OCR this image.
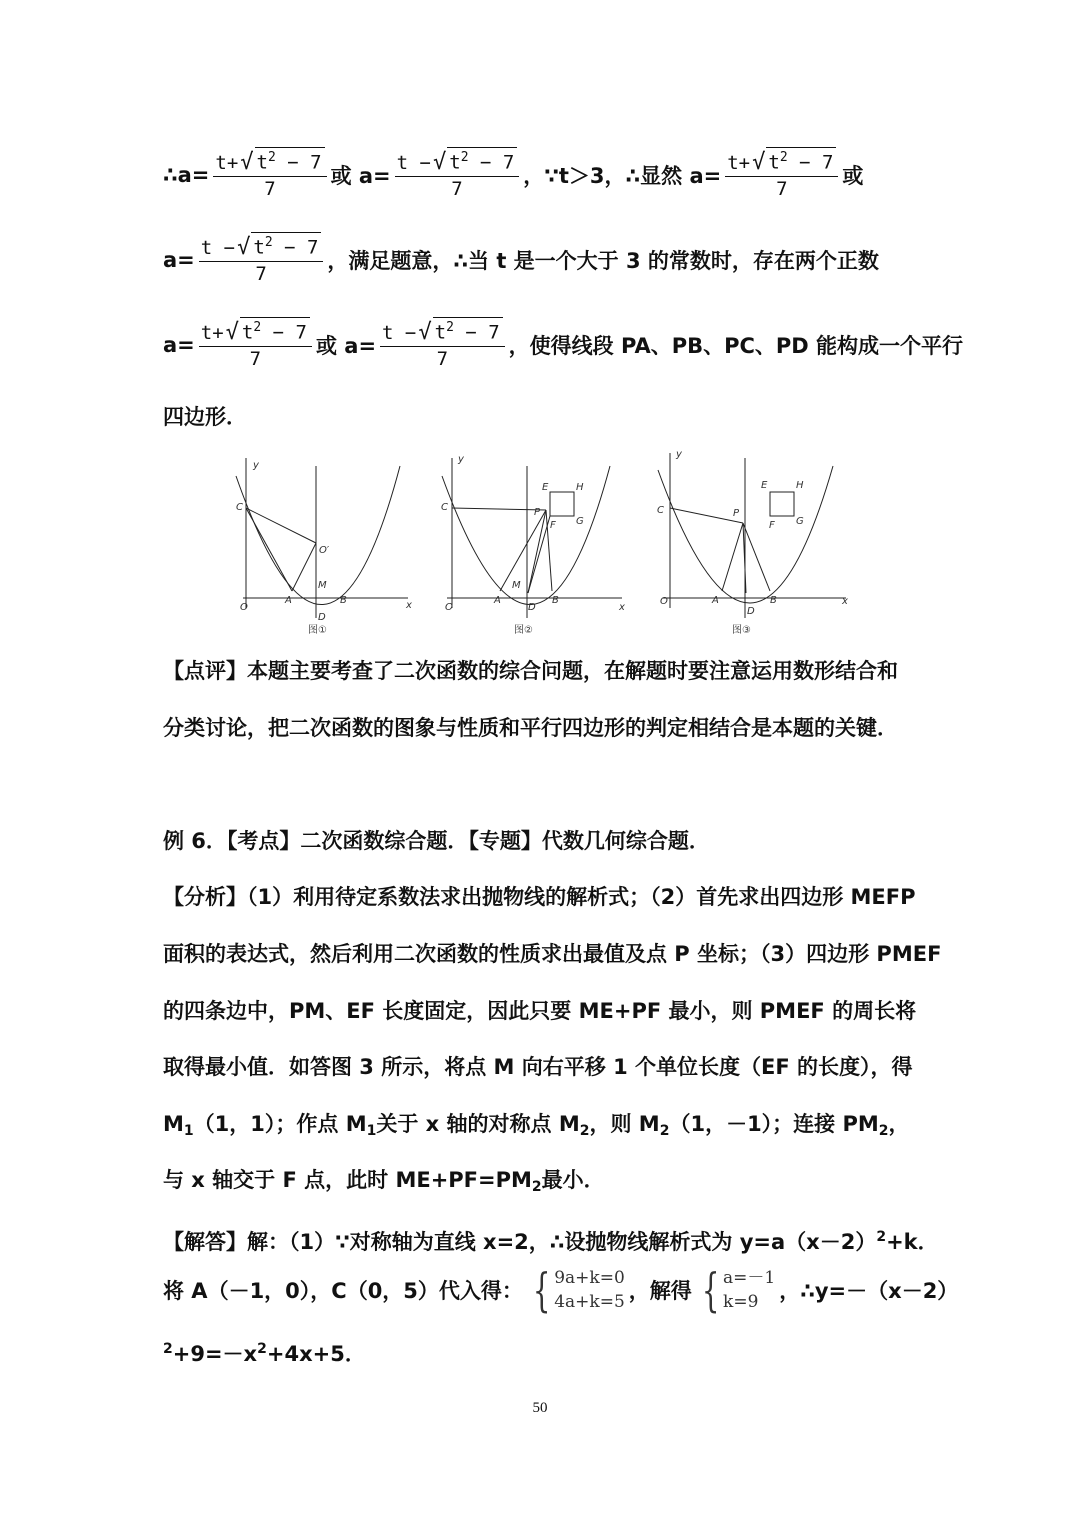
∴a= $\frac{t+ √ t^2 - 7}{7}$ 或 $a= \frac{t - √ t^2 - 7}{7}$ ，∵t＞3，∴显然 $a= \frac{t+ √ t^2 - 7}{7}$ 或
$a= \frac{t - √ t^2 - 7}{7}$ ，满足题意，∴当 t 是一个大于 3 的常数时，存在两个正数
$a= \frac{t+ √ t^2 - 7}{7}$ 或 $a= \frac{t - √ t^2 - 7}{7}$ ，使得线段 PA、PB、PC、PD 能构成一个平行
四边形．
O
C
A	B
D
M
O′
y
x
图①
O
C
A	B
D
M
P
E	H
F G
y
x
图②
O
C
A	B
D
P
E	H
F G
y
x
图③
【点评】本题主要考查了二次函数的综合问题，在解题时要注意运用数形结合和
分类讨论，把二次函数的图象与性质和平行四边形的判定相结合是本题的关键．
例 6．【考点】二次函数综合题．【专题】代数几何综合题．
【分析】（1）利用待定系数法求出抛物线的解析式；（2）首先求出四边形 MEFP
面积的表达式，然后利用二次函数的性质求出最值及点 P 坐标；（3）四边形 PMEF
的四条边中，PM、EF 长度固定，因此只要 ME+PF 最小，则 PMEF 的周长将
取得最小值．如答图 3 所示，将点 M 向右平移 1 个单位长度（EF 的长度），得
$M_1(1$，1）；作点 $M_1$关于 x 轴的对称点 $M_2$，则 $M_2(1$，－1）；连接 $PM_2$，
与 x 轴交于 F 点，此时 $ME+PF=PM_2$最小．
【解答】解：（1）∵对称轴为直线 x=2，∴设抛物线解析式为 $y=a(x-2)^2+k$．
将 A（－1，0），C（0，5）代入得： { 9a+k=0
4a+k=5 ，解得 { a=－1
k=9 ，∴y=－（x－2）
$^2+9=-x^2+4x+5$．
50
